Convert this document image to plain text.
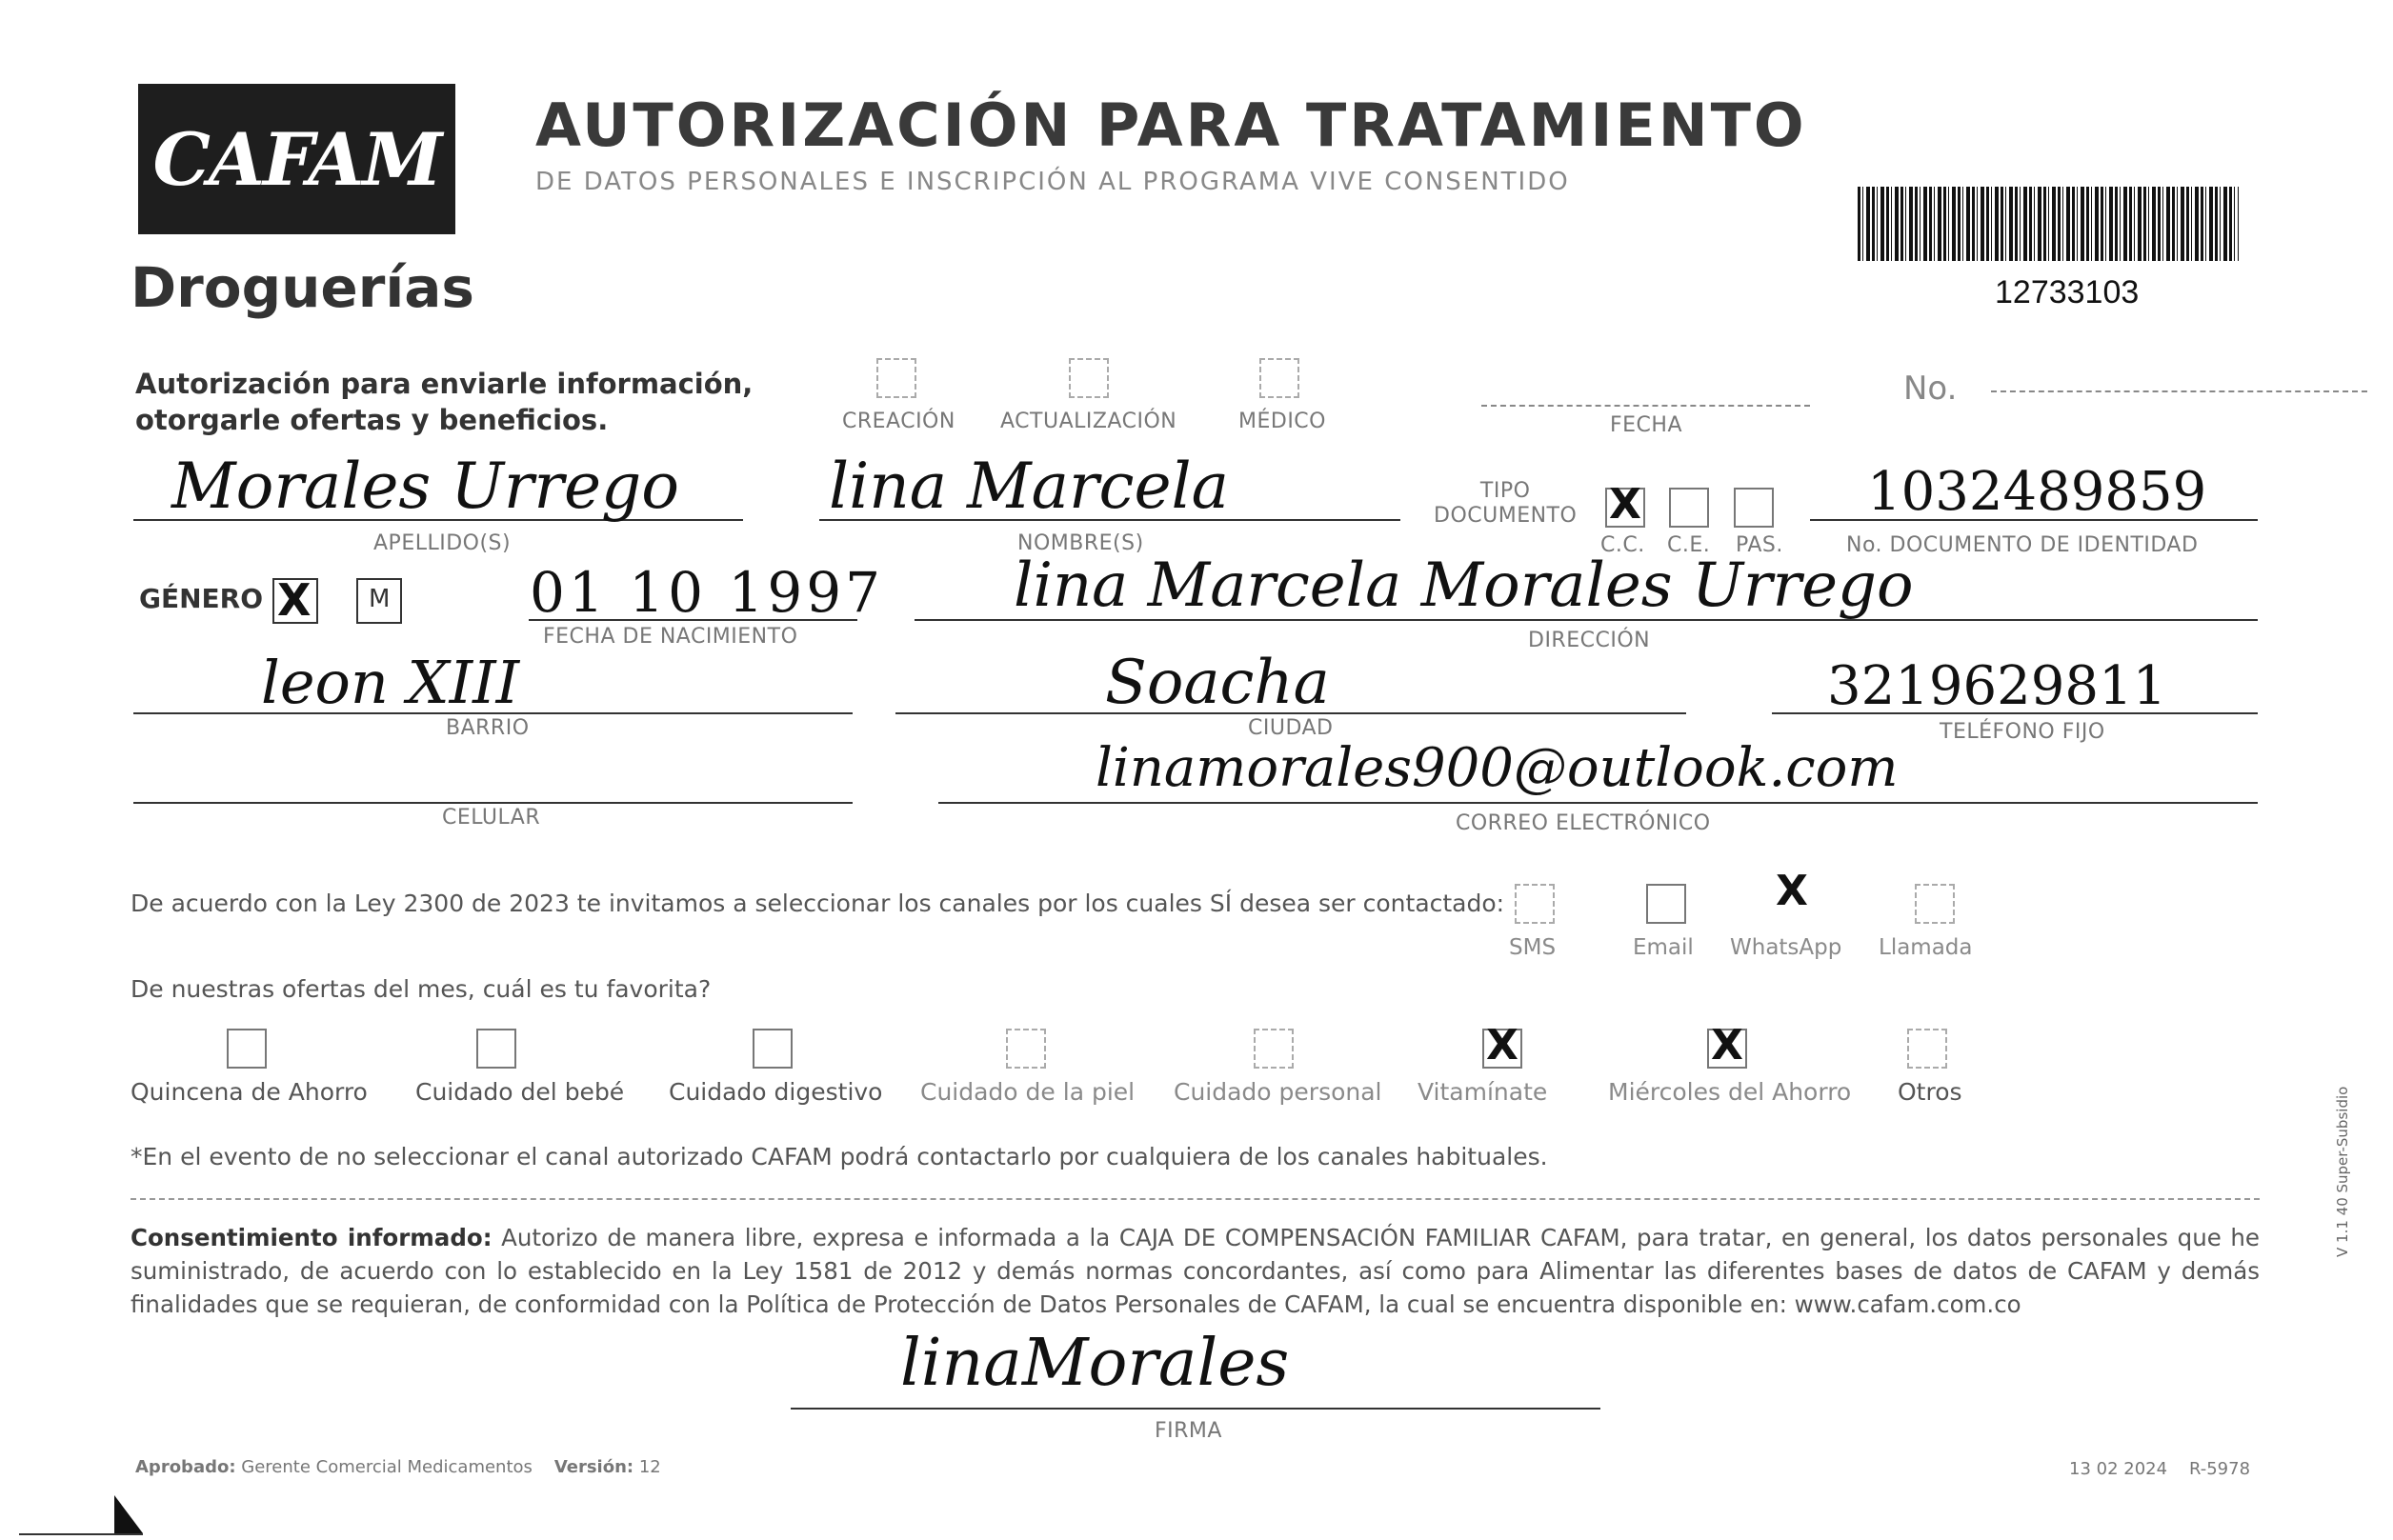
CAFAM
Droguerías
AUTORIZACIÓN PARA TRATAMIENTO
DE DATOS PERSONALES E INSCRIPCIÓN AL PROGRAMA VIVE CONSENTIDO
12733103
Autorización para enviarle información,
otorgarle ofertas y beneficios.	CREACIÓN ACTUALIZACIÓN	MÉDICO	FECHA
No.
Morales Urrego
APELLIDO(S)
lina Marcela
NOMBRE(S)
TIPO
DOCUMENTO X
C.C. C.E. PAS.
1032489859
No. DOCUMENTO DE IDENTIDAD
GÉNERO X M	01 10 1997
FECHA DE NACIMIENTO
lina Marcela Morales Urrego
DIRECCIÓN
leon XIII
BARRIO
Soacha
CIUDAD
3219629811
TELÉFONO FIJO
CELULAR
linamorales900@outlook.com
CORREO ELECTRÓNICO
De acuerdo con la Ley 2300 de 2023 te invitamos a seleccionar los canales por los cuales SÍ desea ser contactado:
SMS	Email
X
WhatsApp Llamada
De nuestras ofertas del mes, cuál es tu favorita?
Quincena de Ahorro Cuidado del bebé Cuidado digestivo Cuidado de la piel Cuidado personal
X
Vitamínate
X
Miércoles del Ahorro Otros
*En el evento de no seleccionar el canal autorizado CAFAM podrá contactarlo por cualquiera de los canales habituales.
Consentimiento informado: Autorizo de manera libre, expresa e informada a la CAJA DE COMPENSACIÓN FAMILIAR CAFAM, para tratar, en general, los datos personales que he suministrado, de acuerdo con lo establecido en la Ley 1581 de 2012 y demás normas concordantes, así como para Alimentar las diferentes bases de datos de CAFAM y demás finalidades que se requieran, de conformidad con la Política de Protección de Datos Personales de CAFAM, la cual se encuentra disponible en: www.cafam.com.co
linaMorales
FIRMA
Aprobado: Gerente Comercial Medicamentos Versión: 12	13 02 2024 R-5978
V 1.1 40 Super-Subsidio
